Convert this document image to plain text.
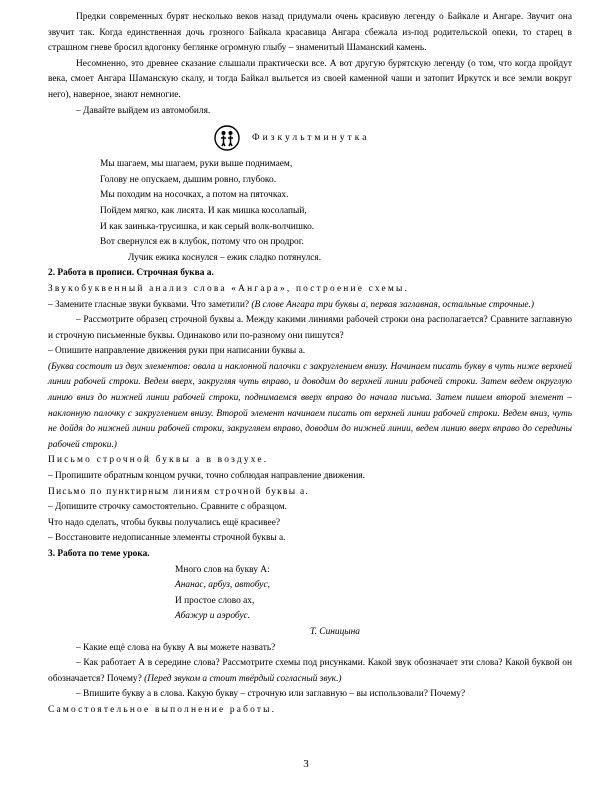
Предки современных бурят несколько веков назад придумали очень красивую легенду о Байкале и Ангаре. Звучит она звучит так. Когда единственная дочь грозного Байкала красавица Ангара сбежала из-под родительской опеки, то старец в страшном гневе бросил вдогонку беглянке огромную глыбу – знаменитый Шаманский камень.

Несомненно, это древнее сказание слышали практически все. А вот другую бурятскую легенду (о том, что когда пройдут века, смоет Ангара Шаманскую скалу, и тогда Байкал выльется из своей каменной чаши и затопит Иркутск и все земли вокруг него), наверное, знают немногие.

– Давайте выйдем из автомобиля.

Физкультминутка

Мы шагаем, мы шагаем, руки выше поднимаем,

Голову не опускаем, дышим ровно, глубоко.

Мы походим на носочках, а потом на пяточках.

Пойдем мягко, как лисята. И как мишка косолапый,

И как заинька-трусишка, и как серый волк-волчишко.

Вот свернулся еж в клубок, потому что он продрог.

Лучик ежика коснулся – ежик сладко потянулся.

2. Работа в прописи. Строчная буква а.

Звукобуквенный анализ слова «Ангара», построение схемы.

– Замените гласные звуки буквами. Что заметили? (В слове Ангара три буквы а, первая заглавная, остальные строчные.)

– Рассмотрите образец строчной буквы а. Между какими линиями рабочей строки она располагается? Сравните заглавную и строчную письменные буквы. Одинаково или по-разному они пишутся?

– Опишите направление движения руки при написании буквы а.

(Буква состоит из двух элементов: овала и наклонной палочки с закруглением внизу. Начинаем писать букву в чуть ниже верхней линии рабочей строки. Ведем вверх, закругляя чуть вправо, и доводим до верхней линии рабочей строки. Затем ведем округлую линию вниз до нижней линии рабочей строки, поднимаемся вверх вправо до начала письма. Затем пишем второй элемент – наклонную палочку с закруглением внизу. Второй элемент начинаем писать от верхней линии рабочей строки. Ведем вниз, чуть не дойдя до нижней линии рабочей строки, закругляем вправо, доводим до нижней линии, ведем линию вверх вправо до середины рабочей строки.)

Письмо строчной буквы а в воздухе.

– Пропишите обратным концом ручки, точно соблюдая направление движения.

Письмо по пунктирным линиям строчной буквы а.

– Допишите строчку самостоятельно. Сравните с образцом.

Что надо сделать, чтобы буквы получались ещё красивее?

– Восстановите недописанные элементы строчной буквы а.

3. Работа по теме урока.

Много слов на букву А:

Ананас, арбуз, автобус,

И простое слово ах,

Абажур и аэробус.

Т. Синицына

– Какие ещё слова на букву А вы можете назвать?

– Как работает А в середине слова? Рассмотрите схемы под рисунками. Какой звук обозначает эти слова? Какой буквой он обозначается? Почему? (Перед звуком а стоит твёрдый согласный звук.)

– Впишите букву а в слова. Какую букву – строчную или заглавную – вы использовали? Почему?

Самостоятельное выполнение работы.

3
